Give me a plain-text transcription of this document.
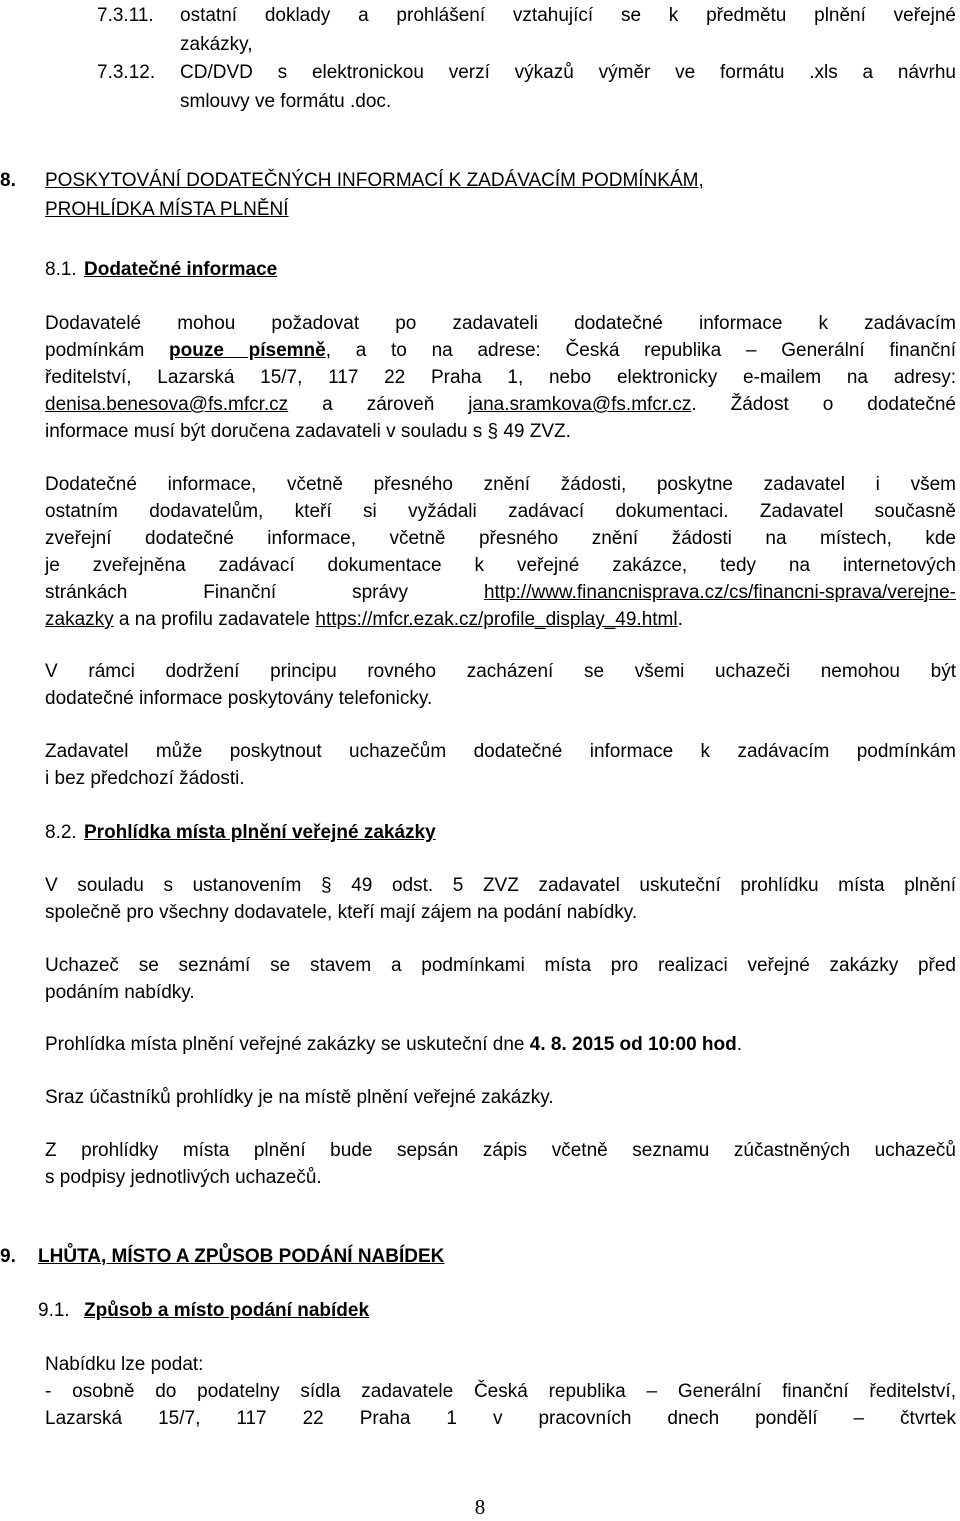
7.3.11. ostatní doklady a prohlášení vztahující se k předmětu plnění veřejné
zakázky,
7.3.12. CD/DVD s elektronickou verzí výkazů výměr ve formátu .xls a návrhu
smlouvy ve formátu .doc.
8. POSKYTOVÁNÍ DODATEČNÝCH INFORMACÍ K ZADÁVACÍM PODMÍNKÁM,
PROHLÍDKA MÍSTA PLNĚNÍ
8.1. Dodatečné informace
Dodavatelé mohou požadovat po zadavateli dodatečné informace k zadávacím
podmínkám pouze písemně, a to na adrese: Česká republika – Generální finanční
ředitelství, Lazarská 15/7, 117 22 Praha 1, nebo elektronicky e-mailem na adresy:
denisa.benesova@fs.mfcr.cz a zároveň jana.sramkova@fs.mfcr.cz. Žádost o dodatečné
informace musí být doručena zadavateli v souladu s § 49 ZVZ.
Dodatečné informace, včetně přesného znění žádosti, poskytne zadavatel i všem
ostatním dodavatelům, kteří si vyžádali zadávací dokumentaci. Zadavatel současně
zveřejní dodatečné informace, včetně přesného znění žádosti na místech, kde
je zveřejněna zadávací dokumentace k veřejné zakázce, tedy na internetových
stránkách Finanční správy http://www.financnisprava.cz/cs/financni-sprava/verejne-
zakazky a na profilu zadavatele https://mfcr.ezak.cz/profile_display_49.html.
V rámci dodržení principu rovného zacházení se všemi uchazeči nemohou být
dodatečné informace poskytovány telefonicky.
Zadavatel může poskytnout uchazečům dodatečné informace k zadávacím podmínkám
i bez předchozí žádosti.
8.2. Prohlídka místa plnění veřejné zakázky
V souladu s ustanovením § 49 odst. 5 ZVZ zadavatel uskuteční prohlídku místa plnění
společně pro všechny dodavatele, kteří mají zájem na podání nabídky.
Uchazeč se seznámí se stavem a podmínkami místa pro realizaci veřejné zakázky před
podáním nabídky.
Prohlídka místa plnění veřejné zakázky se uskuteční dne 4. 8. 2015 od 10:00 hod.
Sraz účastníků prohlídky je na místě plnění veřejné zakázky.
Z prohlídky místa plnění bude sepsán zápis včetně seznamu zúčastněných uchazečů
s podpisy jednotlivých uchazečů.
9. LHŮTA, MÍSTO A ZPŮSOB PODÁNÍ NABÍDEK
9.1. Způsob a místo podání nabídek
Nabídku lze podat:
- osobně do podatelny sídla zadavatele Česká republika – Generální finanční ředitelství,
Lazarská 15/7, 117 22 Praha 1 v pracovních dnech pondělí – čtvrtek
8
